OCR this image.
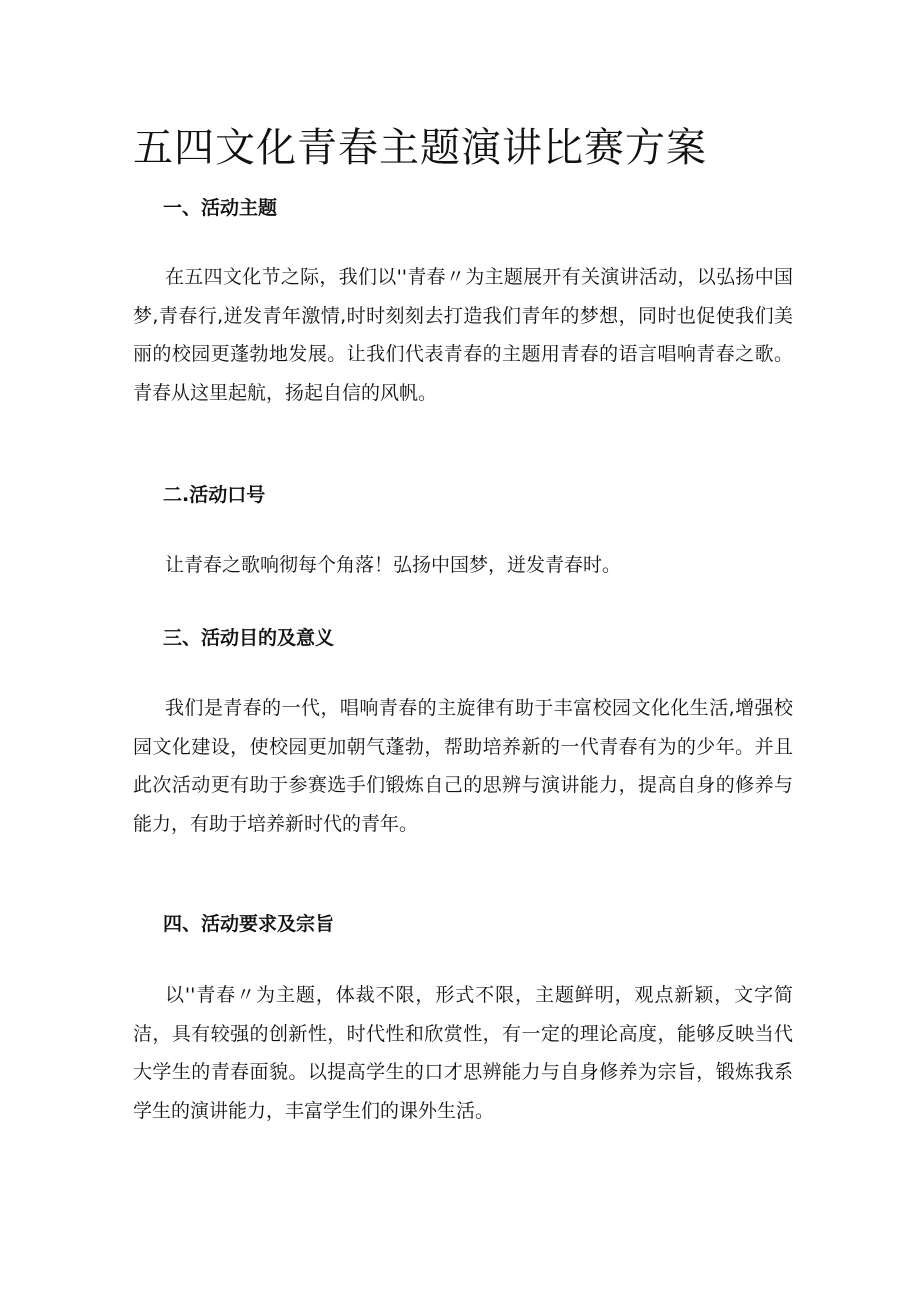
五四文化青春主题演讲比赛方案
一、活动主题

在五四文化节之际，我们以''青春〃为主题展开有关演讲活动，以弘扬中国梦,青春行,迸发青年激情,时时刻刻去打造我们青年的梦想，同时也促使我们美丽的校园更蓬勃地发展。让我们代表青春的主题用青春的语言唱响青春之歌。青春从这里起航，扬起自信的风帆。

二.活动口号

让青春之歌响彻每个角落！弘扬中国梦，迸发青春时。

三、活动目的及意义

我们是青春的一代，唱响青春的主旋律有助于丰富校园文化化生活,增强校园文化建设，使校园更加朝气蓬勃，帮助培养新的一代青春有为的少年。并且此次活动更有助于参赛选手们锻炼自己的思辨与演讲能力，提高自身的修养与能力，有助于培养新时代的青年。

四、活动要求及宗旨

以''青春〃为主题，体裁不限，形式不限，主题鲜明，观点新颖，文字简洁，具有较强的创新性，时代性和欣赏性，有一定的理论高度，能够反映当代大学生的青春面貌。以提高学生的口才思辨能力与自身修养为宗旨，锻炼我系学生的演讲能力，丰富学生们的课外生活。
